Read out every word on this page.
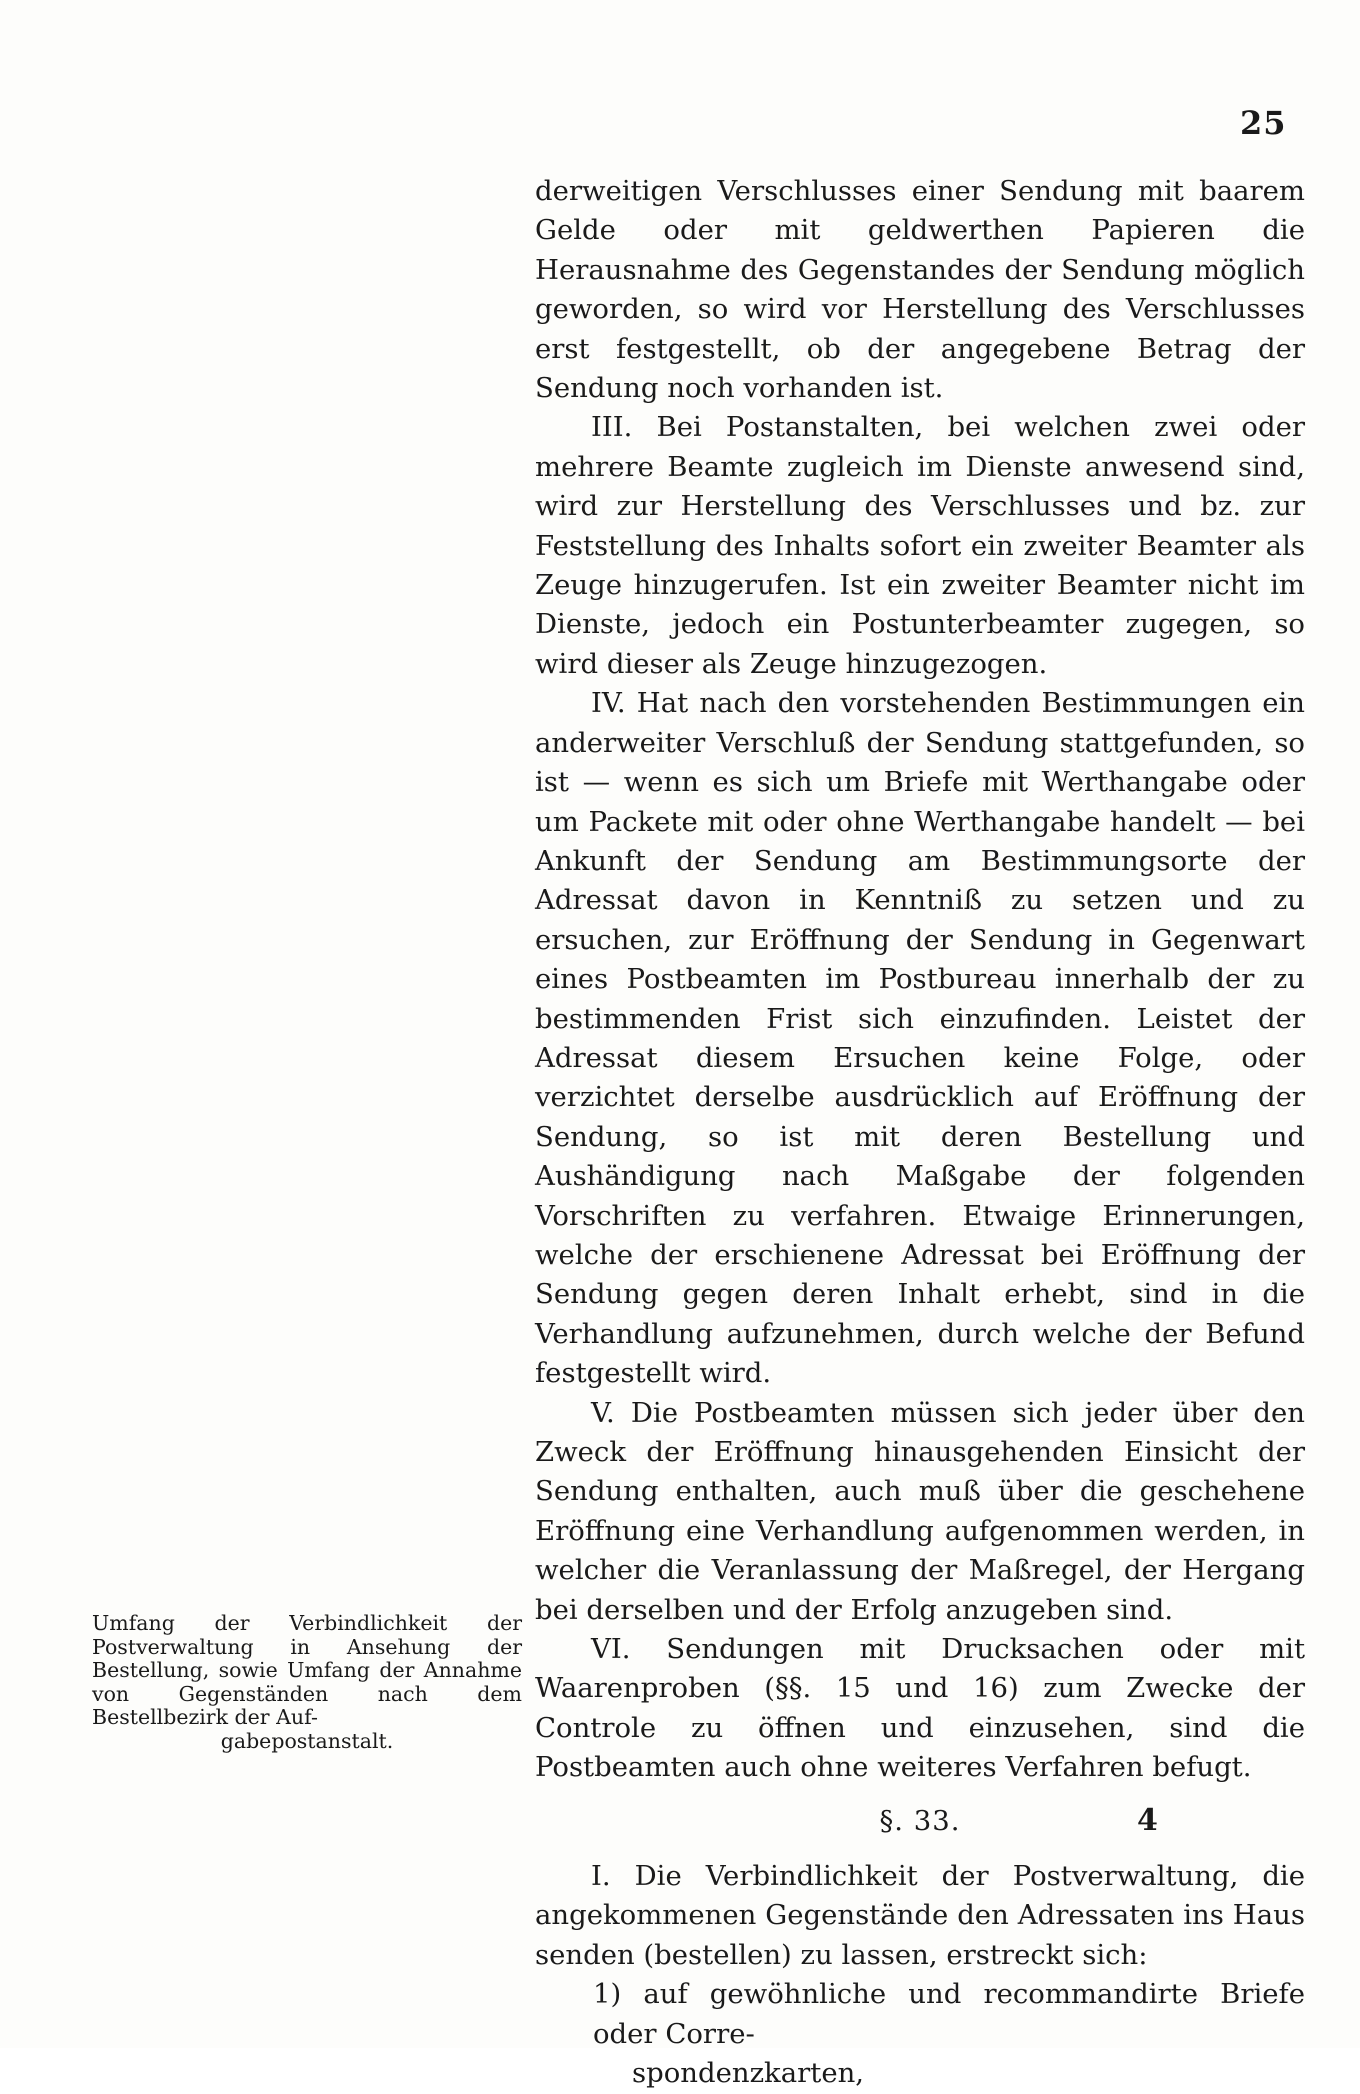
25

derweitigen Verschlusses einer Sendung mit baarem Gelde oder mit geldwerthen Papieren die Herausnahme des Gegenstandes der Sendung möglich geworden, so wird vor Herstellung des Verschlusses erst festgestellt, ob der angegebene Betrag der Sendung noch vorhanden ist.

III. Bei Postanstalten, bei welchen zwei oder mehrere Beamte zugleich im Dienste anwesend sind, wird zur Herstellung des Verschlusses und bz. zur Feststellung des Inhalts sofort ein zweiter Beamter als Zeuge hinzugerufen. Ist ein zweiter Beamter nicht im Dienste, jedoch ein Postunterbeamter zugegen, so wird dieser als Zeuge hinzugezogen.

IV. Hat nach den vorstehenden Bestimmungen ein anderweiter Verschluß der Sendung stattgefunden, so ist — wenn es sich um Briefe mit Werthangabe oder um Packete mit oder ohne Werthangabe handelt — bei Ankunft der Sendung am Bestimmungsorte der Adressat davon in Kenntniß zu setzen und zu ersuchen, zur Eröffnung der Sendung in Gegenwart eines Postbeamten im Postbureau innerhalb der zu bestimmenden Frist sich einzufinden. Leistet der Adressat diesem Ersuchen keine Folge, oder verzichtet derselbe ausdrücklich auf Eröffnung der Sendung, so ist mit deren Bestellung und Aushändigung nach Maßgabe der folgenden Vorschriften zu verfahren. Etwaige Erinnerungen, welche der erschienene Adressat bei Eröffnung der Sendung gegen deren Inhalt erhebt, sind in die Verhandlung aufzunehmen, durch welche der Befund festgestellt wird.

V. Die Postbeamten müssen sich jeder über den Zweck der Eröffnung hinausgehenden Einsicht der Sendung enthalten, auch muß über die geschehene Eröffnung eine Verhandlung aufgenommen werden, in welcher die Veranlassung der Maßregel, der Hergang bei derselben und der Erfolg anzugeben sind.

VI. Sendungen mit Drucksachen oder mit Waarenproben (§§. 15 und 16) zum Zwecke der Controle zu öffnen und einzusehen, sind die Postbeamten auch ohne weiteres Verfahren befugt.

§. 33.

I. Die Verbindlichkeit der Postverwaltung, die angekommenen Gegenstände den Adressaten ins Haus senden (bestellen) zu lassen, erstreckt sich:

1) auf gewöhnliche und recommandirte Briefe oder Corre-

spondenzkarten,

Umfang der Verbindlichkeit der Postverwaltung in Ansehung der Bestellung, sowie Umfang der Annahme von Gegenständen nach dem Bestellbezirk der Auf-
gabepostanstalt.
4
